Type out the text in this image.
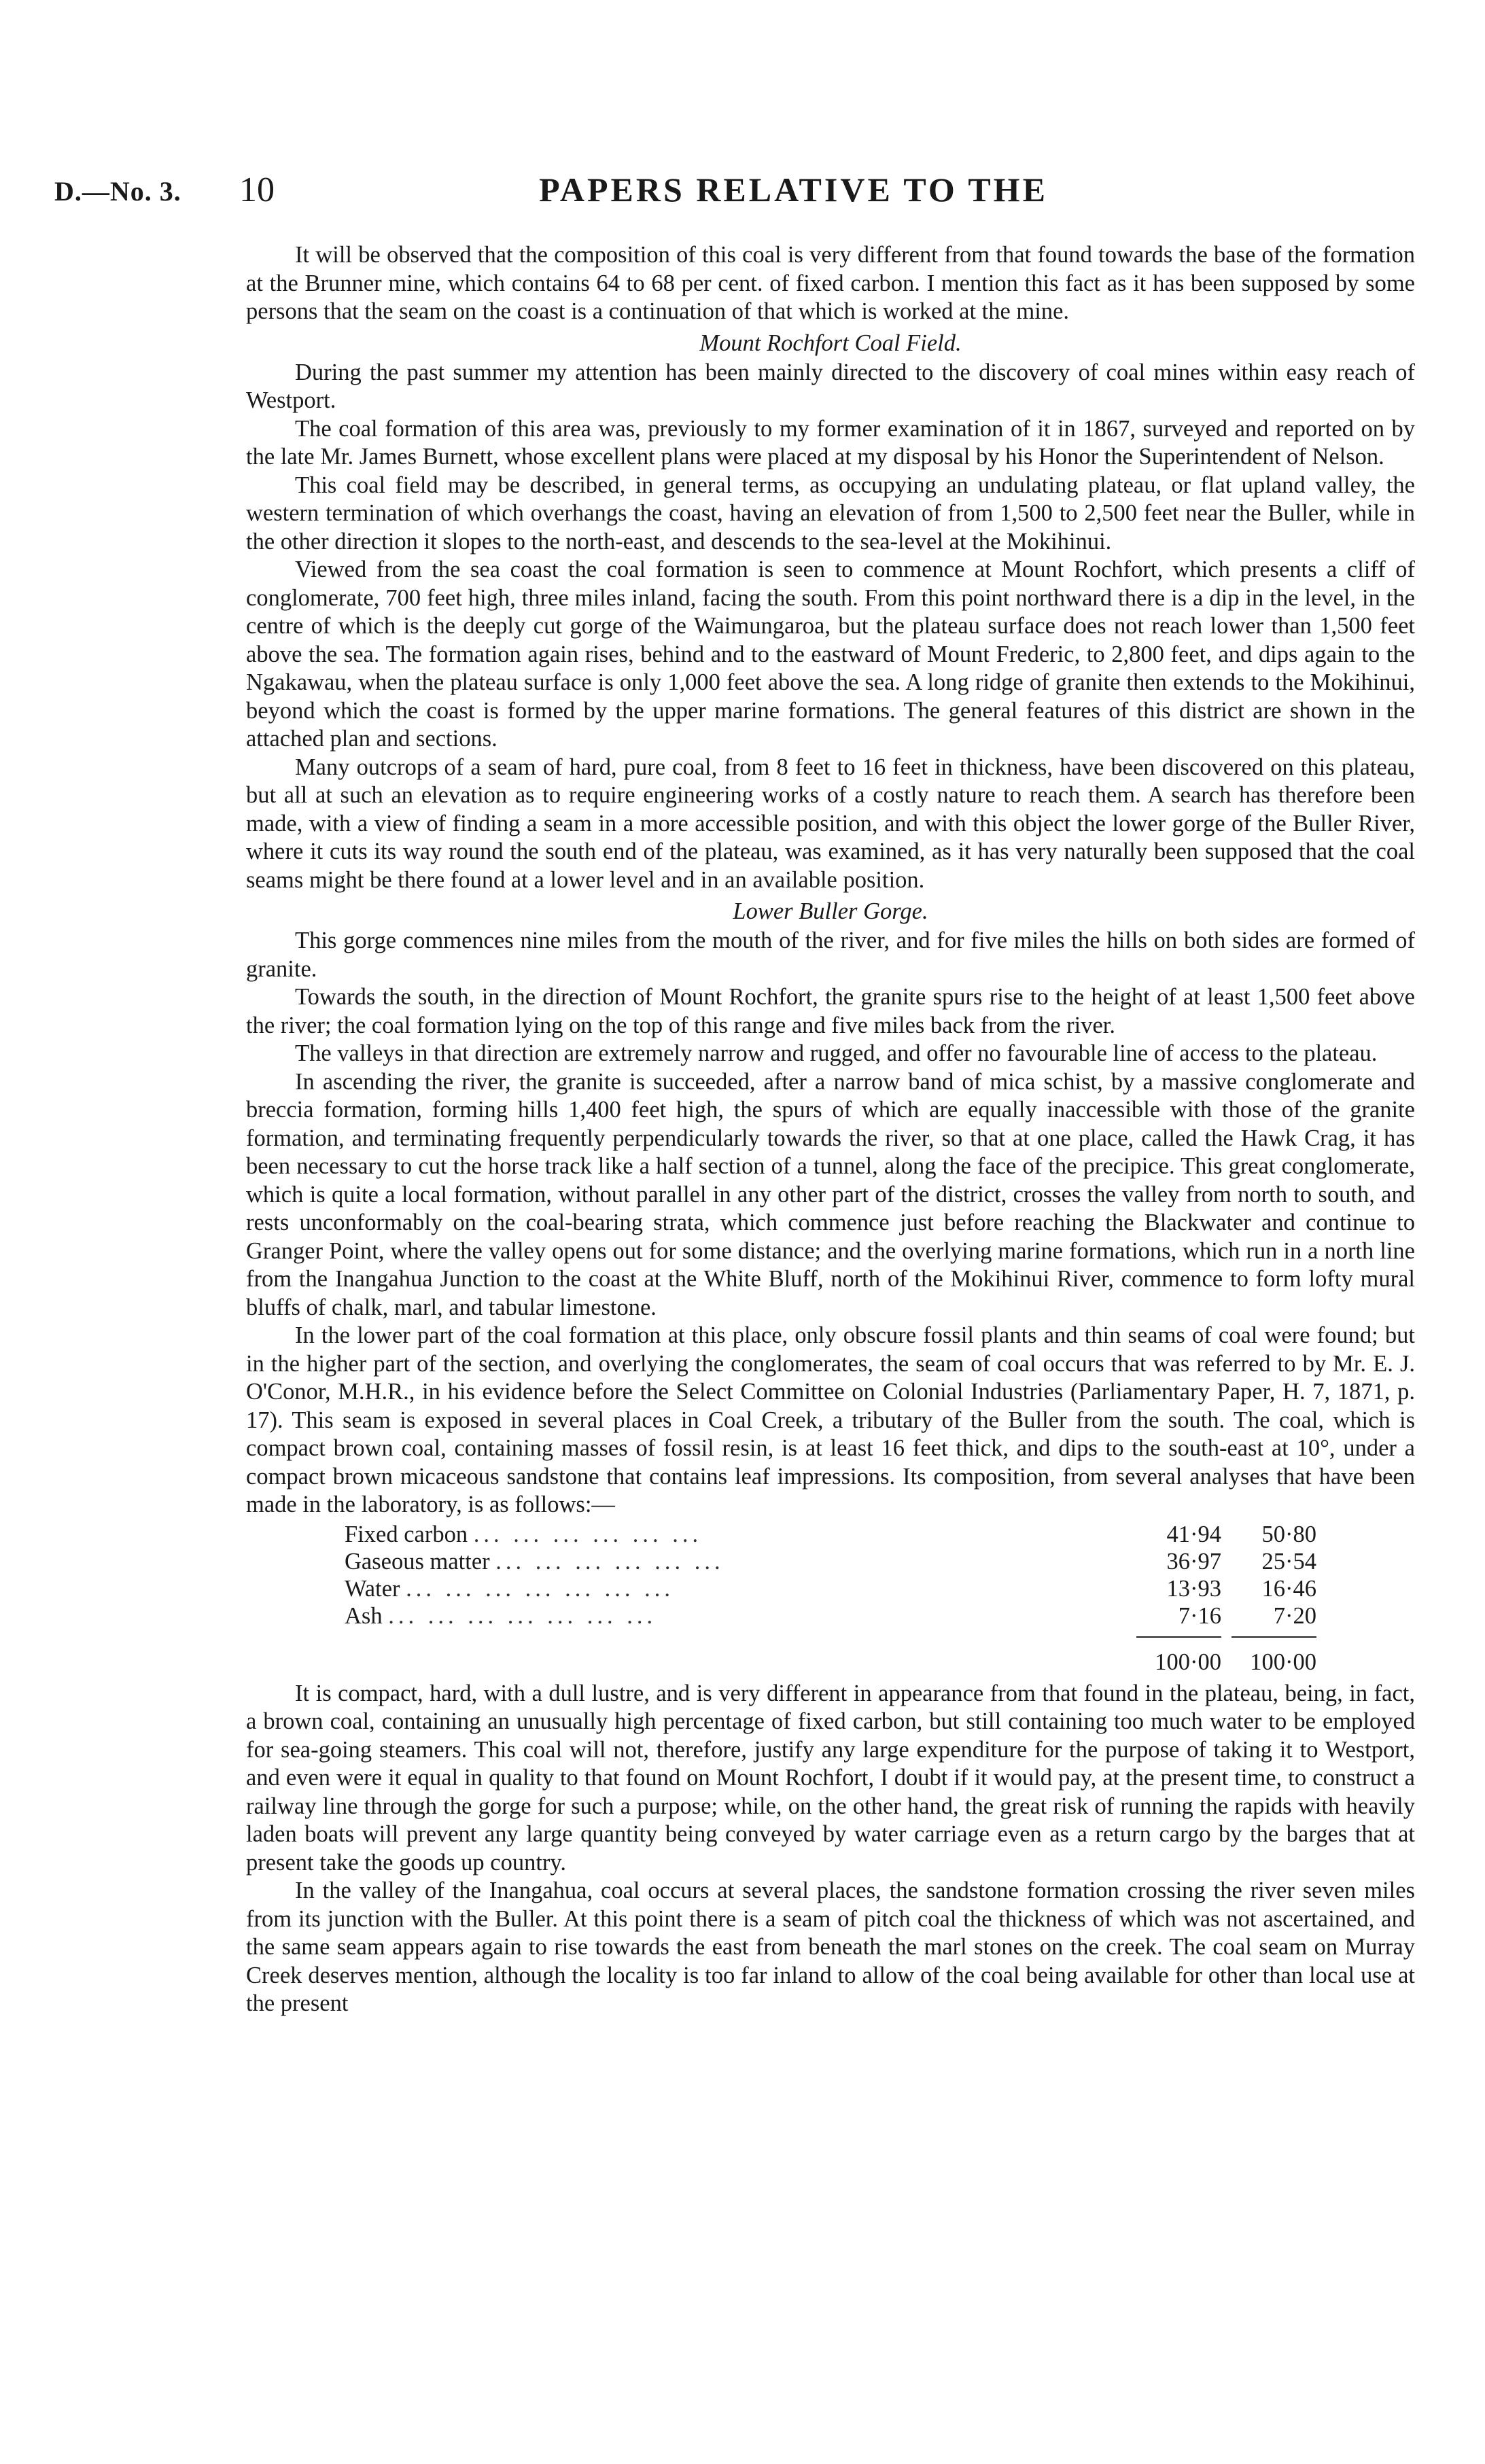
D.—No. 3. 10	PAPERS RELATIVE TO THE

It will be observed that the composition of this coal is very different from that found towards the base of the formation at the Brunner mine, which contains 64 to 68 per cent. of fixed carbon. I mention this fact as it has been supposed by some persons that the seam on the coast is a continuation of that which is worked at the mine.

Mount Rochfort Coal Field.

During the past summer my attention has been mainly directed to the discovery of coal mines within easy reach of Westport.

The coal formation of this area was, previously to my former examination of it in 1867, surveyed and reported on by the late Mr. James Burnett, whose excellent plans were placed at my disposal by his Honor the Superintendent of Nelson.

This coal field may be described, in general terms, as occupying an undulating plateau, or flat upland valley, the western termination of which overhangs the coast, having an elevation of from 1,500 to 2,500 feet near the Buller, while in the other direction it slopes to the north-east, and descends to the sea-level at the Mokihinui.

Viewed from the sea coast the coal formation is seen to commence at Mount Rochfort, which presents a cliff of conglomerate, 700 feet high, three miles inland, facing the south. From this point northward there is a dip in the level, in the centre of which is the deeply cut gorge of the Waimungaroa, but the plateau surface does not reach lower than 1,500 feet above the sea. The formation again rises, behind and to the eastward of Mount Frederic, to 2,800 feet, and dips again to the Ngakawau, when the plateau surface is only 1,000 feet above the sea. A long ridge of granite then extends to the Mokihinui, beyond which the coast is formed by the upper marine formations. The general features of this district are shown in the attached plan and sections.

Many outcrops of a seam of hard, pure coal, from 8 feet to 16 feet in thickness, have been discovered on this plateau, but all at such an elevation as to require engineering works of a costly nature to reach them. A search has therefore been made, with a view of finding a seam in a more accessible position, and with this object the lower gorge of the Buller River, where it cuts its way round the south end of the plateau, was examined, as it has very naturally been supposed that the coal seams might be there found at a lower level and in an available position.

Lower Buller Gorge.

This gorge commences nine miles from the mouth of the river, and for five miles the hills on both sides are formed of granite.

Towards the south, in the direction of Mount Rochfort, the granite spurs rise to the height of at least 1,500 feet above the river; the coal formation lying on the top of this range and five miles back from the river.

The valleys in that direction are extremely narrow and rugged, and offer no favourable line of access to the plateau.

In ascending the river, the granite is succeeded, after a narrow band of mica schist, by a massive conglomerate and breccia formation, forming hills 1,400 feet high, the spurs of which are equally inaccessible with those of the granite formation, and terminating frequently perpendicularly towards the river, so that at one place, called the Hawk Crag, it has been necessary to cut the horse track like a half section of a tunnel, along the face of the precipice. This great conglomerate, which is quite a local formation, without parallel in any other part of the district, crosses the valley from north to south, and rests unconformably on the coal-bearing strata, which commence just before reaching the Blackwater and continue to Granger Point, where the valley opens out for some distance; and the overlying marine formations, which run in a north line from the Inangahua Junction to the coast at the White Bluff, north of the Mokihinui River, commence to form lofty mural bluffs of chalk, marl, and tabular limestone.

In the lower part of the coal formation at this place, only obscure fossil plants and thin seams of coal were found; but in the higher part of the section, and overlying the conglomerates, the seam of coal occurs that was referred to by Mr. E. J. O'Conor, M.H.R., in his evidence before the Select Committee on Colonial Industries (Parliamentary Paper, H. 7, 1871, p. 17). This seam is exposed in several places in Coal Creek, a tributary of the Buller from the south. The coal, which is compact brown coal, containing masses of fossil resin, is at least 16 feet thick, and dips to the south-east at 10°, under a compact brown micaceous sandstone that contains leaf impressions. Its composition, from several analyses that have been made in the laboratory, is as follows:—

Fixed carbon ... ... ... ... ... ...	41·94	50·80
Gaseous matter ... ... ... ... ... ...	36·97	25·54
Water ... ... ... ... ... ... ...	13·93	16·46
Ash ... ... ... ... ... ... ...	7·16	7·20
100·00	100·00

It is compact, hard, with a dull lustre, and is very different in appearance from that found in the plateau, being, in fact, a brown coal, containing an unusually high percentage of fixed carbon, but still containing too much water to be employed for sea-going steamers. This coal will not, therefore, justify any large expenditure for the purpose of taking it to Westport, and even were it equal in quality to that found on Mount Rochfort, I doubt if it would pay, at the present time, to construct a railway line through the gorge for such a purpose; while, on the other hand, the great risk of running the rapids with heavily laden boats will prevent any large quantity being conveyed by water carriage even as a return cargo by the barges that at present take the goods up country.

In the valley of the Inangahua, coal occurs at several places, the sandstone formation crossing the river seven miles from its junction with the Buller. At this point there is a seam of pitch coal the thickness of which was not ascertained, and the same seam appears again to rise towards the east from beneath the marl stones on the creek. The coal seam on Murray Creek deserves mention, although the locality is too far inland to allow of the coal being available for other than local use at the present
